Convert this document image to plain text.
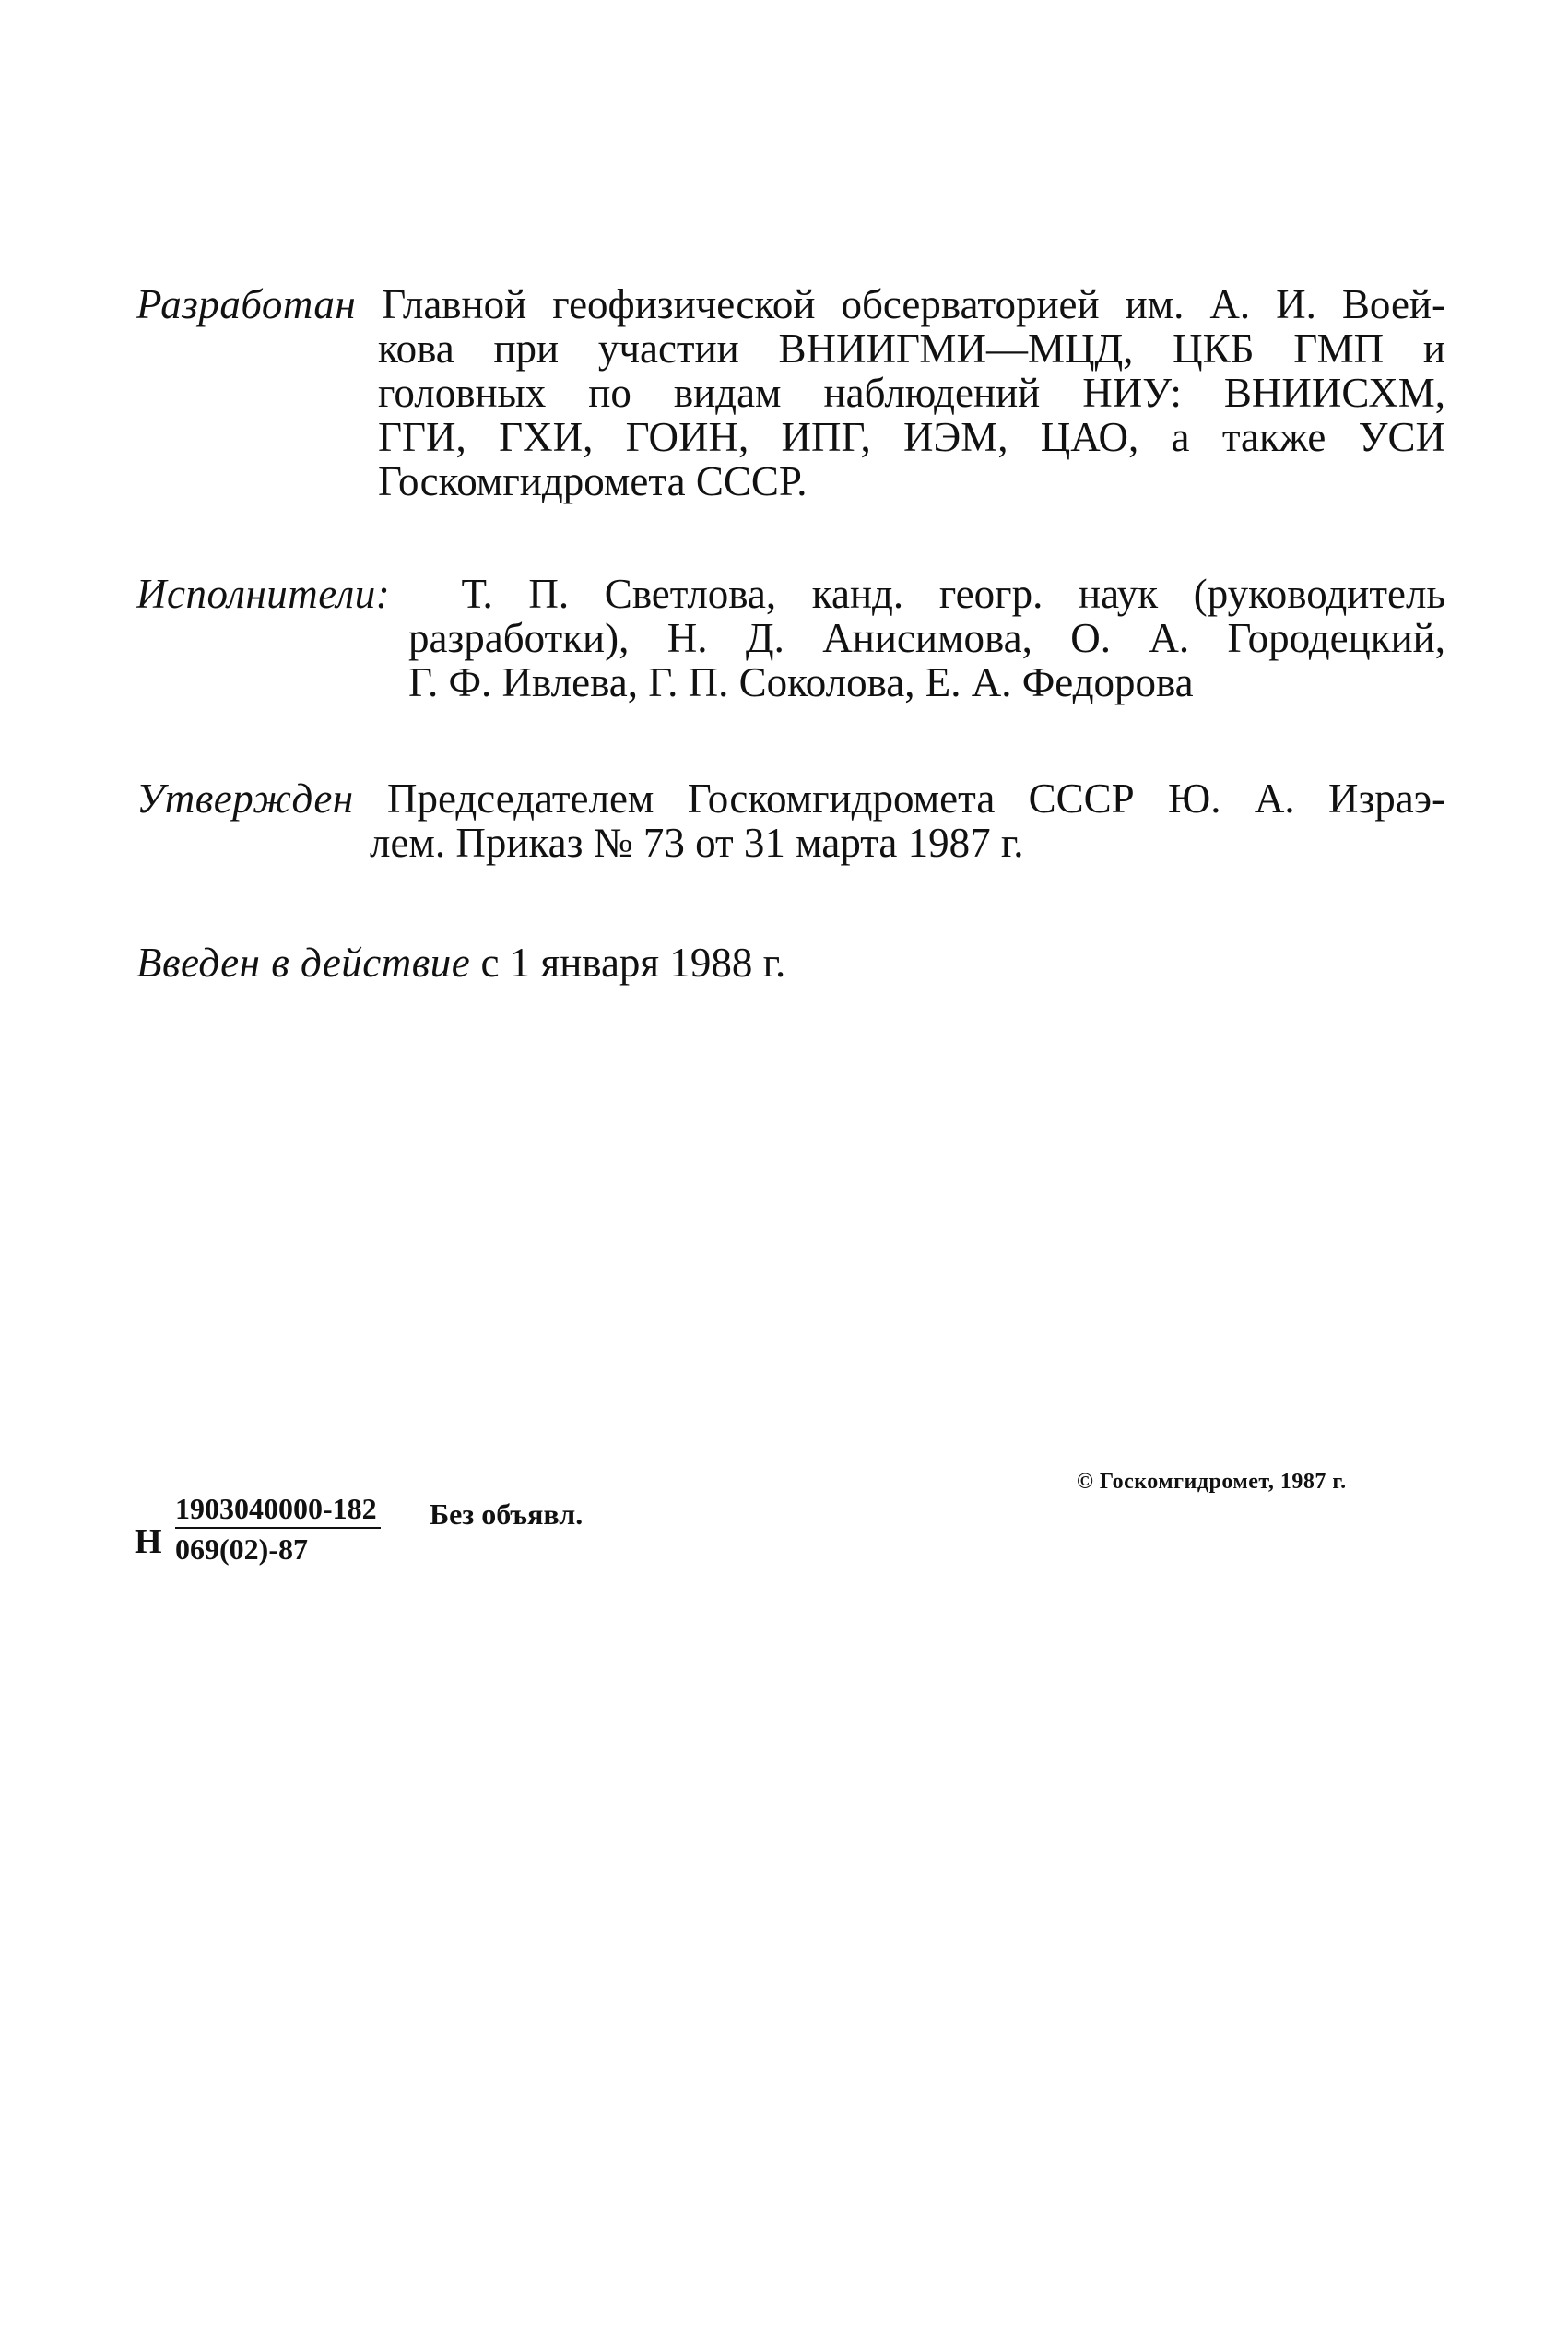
Разработан Главной геофизической обсерваторией им. А. И. Воей-
кова при участии ВНИИГМИ—МЦД, ЦКБ ГМП и
головных по видам наблюдений НИУ: ВНИИСХМ,
ГГИ, ГХИ, ГОИН, ИПГ, ИЭМ, ЦАО, а также УСИ
Госкомгидромета СССР.
Исполнители: Т. П. Светлова, канд. геогр. наук (руководитель
разработки), Н. Д. Анисимова, О. А. Городецкий,
Г. Ф. Ивлева, Г. П. Соколова, Е. А. Федорова
Утвержден Председателем Госкомгидромета СССР Ю. А. Израэ-
лем. Приказ № 73 от 31 марта 1987 г.
Введен в действие с 1 января 1988 г.
Н $\frac{1903040000-182}{069(02)-87}$ Без объявл.
© Госкомгидромет, 1987 г.
